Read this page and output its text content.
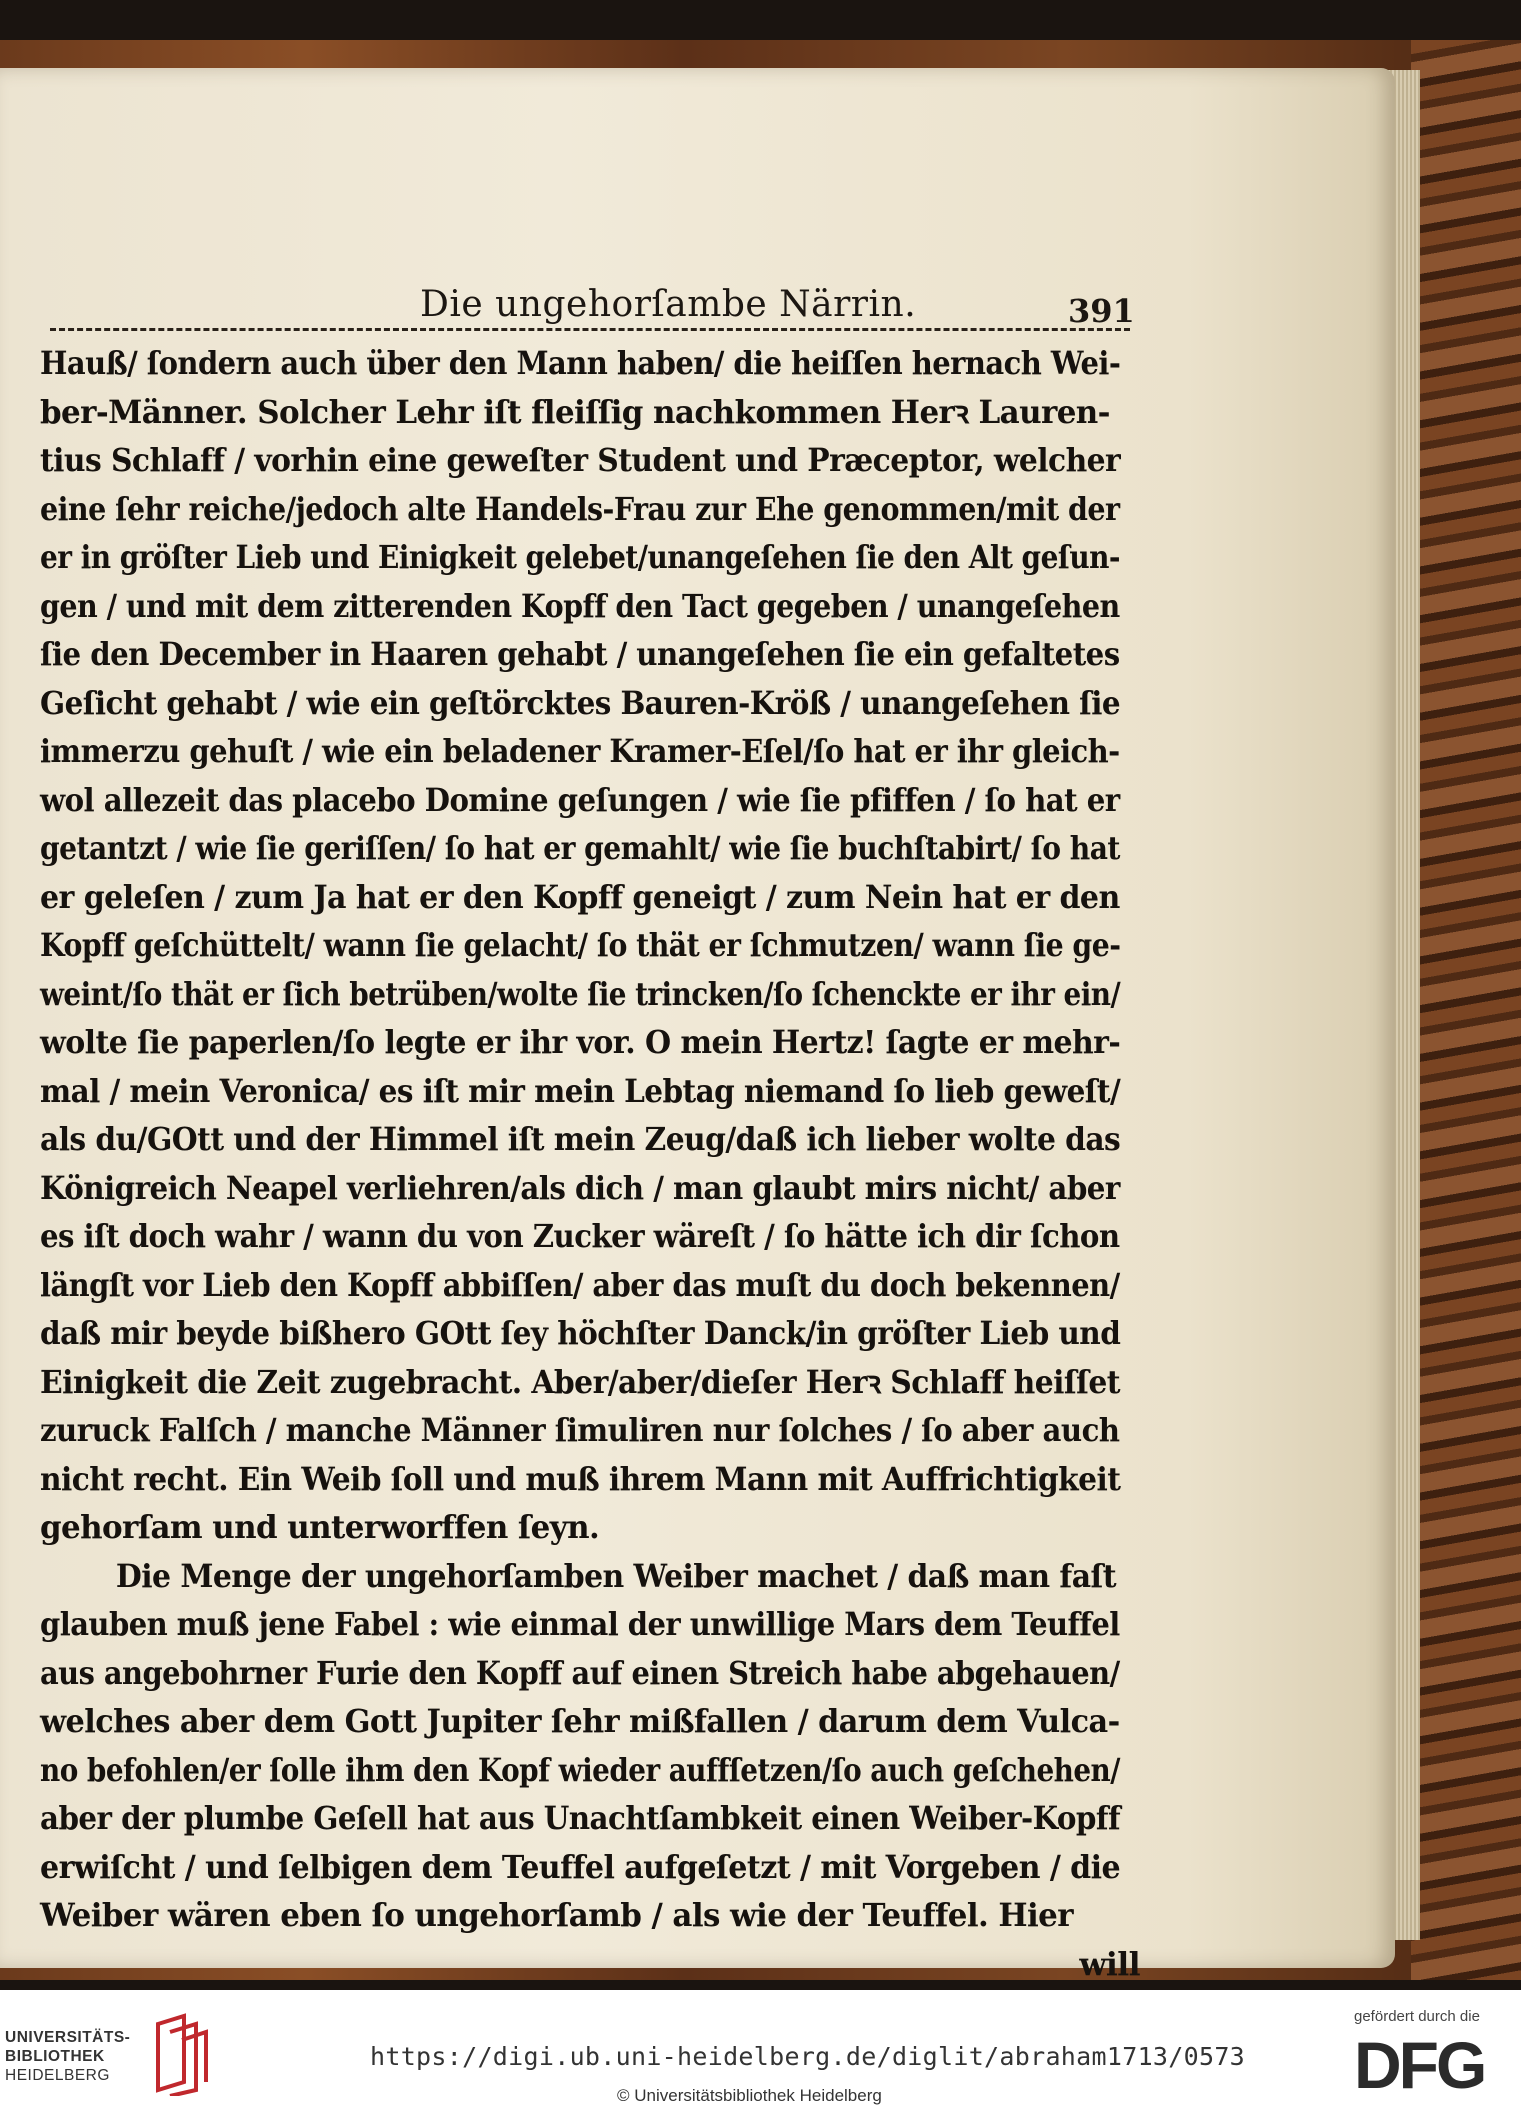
Die ungehorſambe Närrin.	391
Hauß/ ſondern auch über den Mann haben/ die heiſſen hernach Wei-
ber-Männer. Solcher Lehr iſt fleiſſig nachkommen Herꝛ Lauren-
tius Schlaff / vorhin eine geweſter Student und Præceptor, welcher
eine ſehr reiche/jedoch alte Handels-Frau zur Ehe genommen/mit der
er in gröſter Lieb und Einigkeit gelebet/unangeſehen ſie den Alt geſun-
gen / und mit dem zitterenden Kopff den Tact gegeben / unangeſehen
ſie den December in Haaren gehabt / unangeſehen ſie ein gefaltetes
Geſicht gehabt / wie ein geſtörcktes Bauren-Kröß / unangeſehen ſie
immerzu gehuſt / wie ein beladener Kramer-Eſel/ſo hat er ihr gleich-
wol allezeit das placebo Domine geſungen / wie ſie pfiffen / ſo hat er
getantzt / wie ſie geriſſen/ ſo hat er gemahlt/ wie ſie buchſtabirt/ ſo hat
er geleſen / zum Ja hat er den Kopff geneigt / zum Nein hat er den
Kopff geſchüttelt/ wann ſie gelacht/ ſo thät er ſchmutzen/ wann ſie ge-
weint/ſo thät er ſich betrüben/wolte ſie trincken/ſo ſchenckte er ihr ein/
wolte ſie paperlen/ſo legte er ihr vor. O mein Hertz! ſagte er mehr-
mal / mein Veronica/ es iſt mir mein Lebtag niemand ſo lieb geweſt/
als du/GOtt und der Himmel iſt mein Zeug/daß ich lieber wolte das
Königreich Neapel verliehren/als dich / man glaubt mirs nicht/ aber
es iſt doch wahr / wann du von Zucker wäreſt / ſo hätte ich dir ſchon
längſt vor Lieb den Kopff abbiſſen/ aber das muſt du doch bekennen/
daß mir beyde bißhero GOtt ſey höchſter Danck/in gröſter Lieb und
Einigkeit die Zeit zugebracht. Aber/aber/dieſer Herꝛ Schlaff heiſſet
zuruck Falſch / manche Männer ſimuliren nur ſolches / ſo aber auch
nicht recht. Ein Weib ſoll und muß ihrem Mann mit Auffrichtigkeit
gehorſam und unterworffen ſeyn.
Die Menge der ungehorſamben Weiber machet / daß man faſt
glauben muß jene Fabel : wie einmal der unwillige Mars dem Teuffel
aus angebohrner Furie den Kopff auf einen Streich habe abgehauen/
welches aber dem Gott Jupiter ſehr mißfallen / darum dem Vulca-
no befohlen/er ſolle ihm den Kopf wieder auffſetzen/ſo auch geſchehen/
aber der plumbe Geſell hat aus Unachtſambkeit einen Weiber-Kopff
erwiſcht / und ſelbigen dem Teuffel aufgeſetzt / mit Vorgeben / die
Weiber wären eben ſo ungehorſamb / als wie der Teuffel. Hier
will
UNIVERSITÄTS-
BIBLIOTHEK
HEIDELBERG
https://digi.ub.uni-heidelberg.de/diglit/abraham1713/0573
© Universitätsbibliothek Heidelberg
gefördert durch die
DFG
